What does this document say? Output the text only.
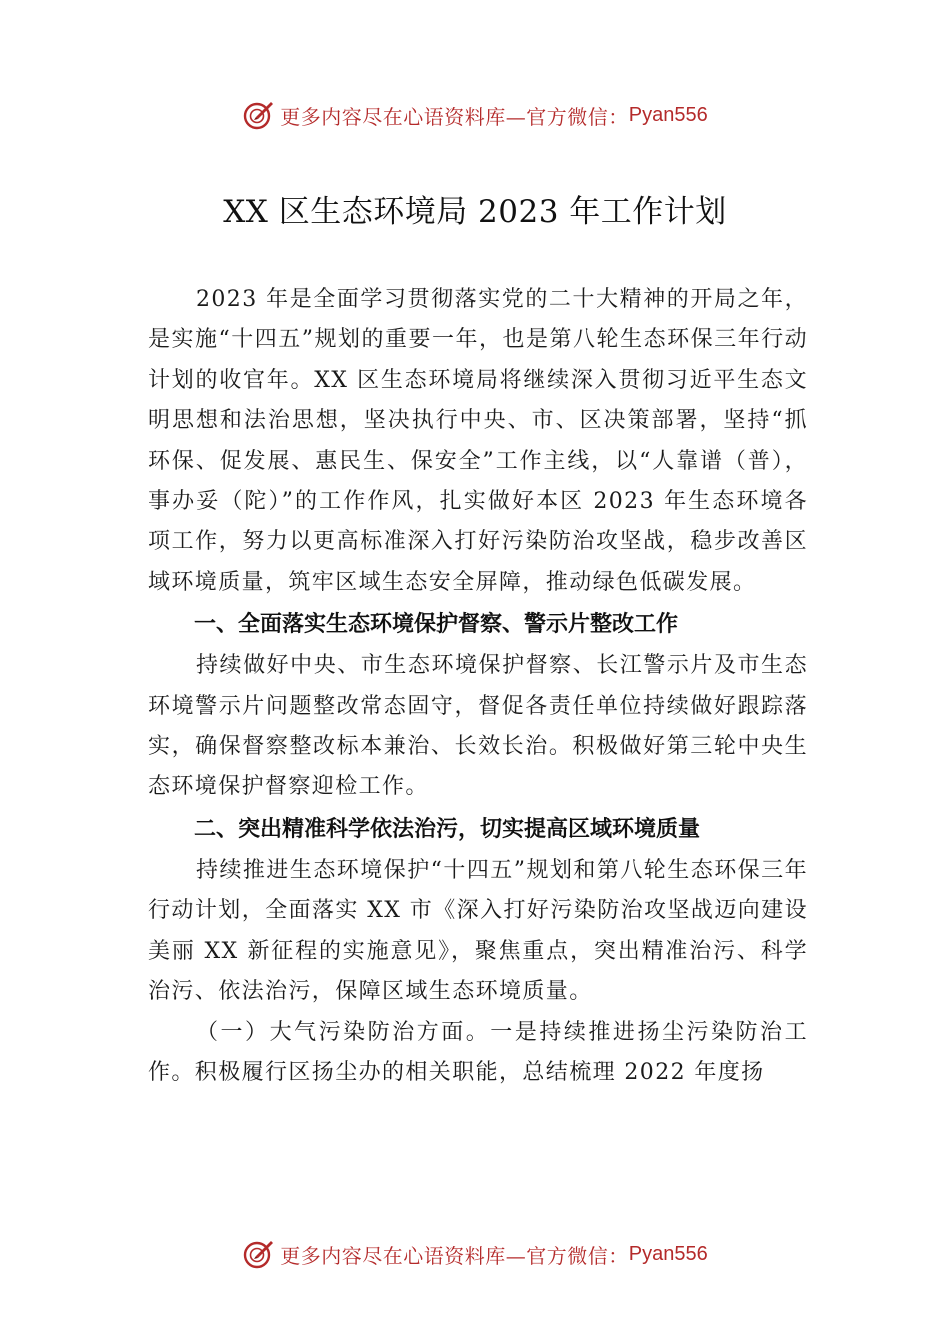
更多内容尽在心语资料库—官方微信： Pyan556
XX 区生态环境局 2023 年工作计划

2023 年是全面学习贯彻落实党的二十大精神的开局之年，是实施“十四五”规划的重要一年，也是第八轮生态环保三年行动计划的收官年。XX 区生态环境局将继续深入贯彻习近平生态文明思想和法治思想，坚决执行中央、市、区决策部署，坚持“抓环保、促发展、惠民生、保安全”工作主线，以“人靠谱（普），事办妥（陀）”的工作作风，扎实做好本区 2023 年生态环境各项工作，努力以更高标准深入打好污染防治攻坚战，稳步改善区域环境质量，筑牢区域生态安全屏障，推动绿色低碳发展。

一、全面落实生态环境保护督察、警示片整改工作

持续做好中央、市生态环境保护督察、长江警示片及市生态环境警示片问题整改常态固守，督促各责任单位持续做好跟踪落实，确保督察整改标本兼治、长效长治。积极做好第三轮中央生态环境保护督察迎检工作。

二、突出精准科学依法治污，切实提高区域环境质量

持续推进生态环境保护“十四五”规划和第八轮生态环保三年行动计划，全面落实 XX 市《深入打好污染防治攻坚战迈向建设美丽 XX 新征程的实施意见》，聚焦重点，突出精准治污、科学治污、依法治污，保障区域生态环境质量。

（一）大气污染防治方面。一是持续推进扬尘污染防治工作。积极履行区扬尘办的相关职能，总结梳理 2022 年度扬

更多内容尽在心语资料库—官方微信： Pyan556
